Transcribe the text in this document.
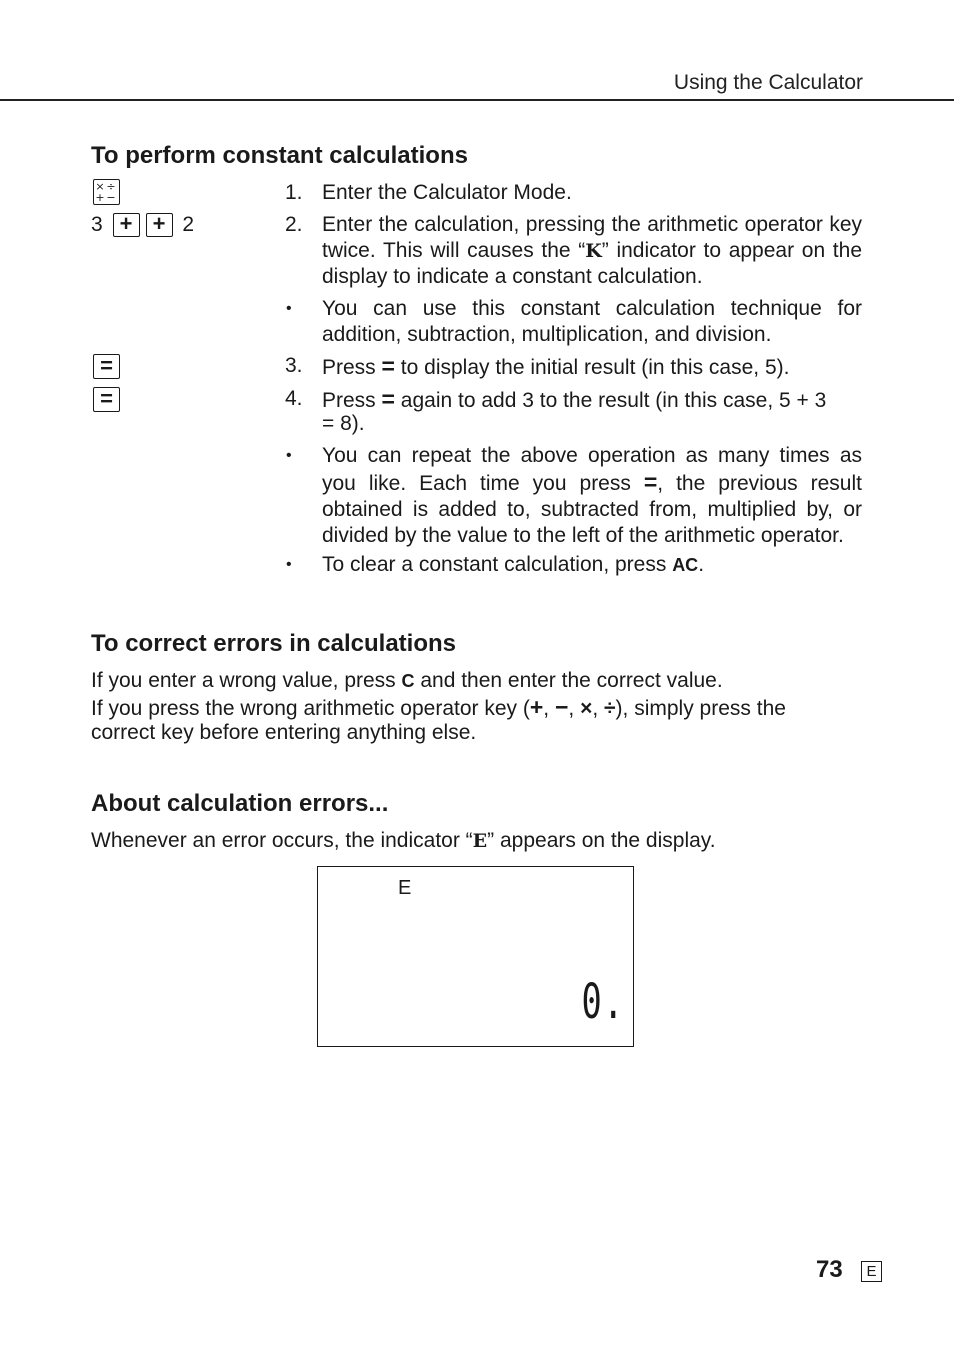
Using the Calculator
To perform constant calculations
× ÷
+ −	1. Enter the Calculator Mode.
3 + + 2	2. Enter the calculation, pressing the arithmetic operator key twice. This will causes the “K” indicator to appear on the display to indicate a constant calculation.
• You can use this constant calculation technique for addition, subtraction, multiplication, and division.
=	3. Press = to display the initial result (in this case, 5).
=	4. Press = again to add 3 to the result (in this case, 5 + 3
= 8).
• You can repeat the above operation as many times as you like. Each time you press =, the previous result obtained is added to, subtracted from, multiplied by, or divided by the value to the left of the arithmetic operator.
• To clear a constant calculation, press AC.
To correct errors in calculations
If you enter a wrong value, press C and then enter the correct value.
If you press the wrong arithmetic operator key (+, −, ×, ÷), simply press the
correct key before entering anything else.
About calculation errors...
Whenever an error occurs, the indicator “E” appears on the display.
E
0.
73	E
